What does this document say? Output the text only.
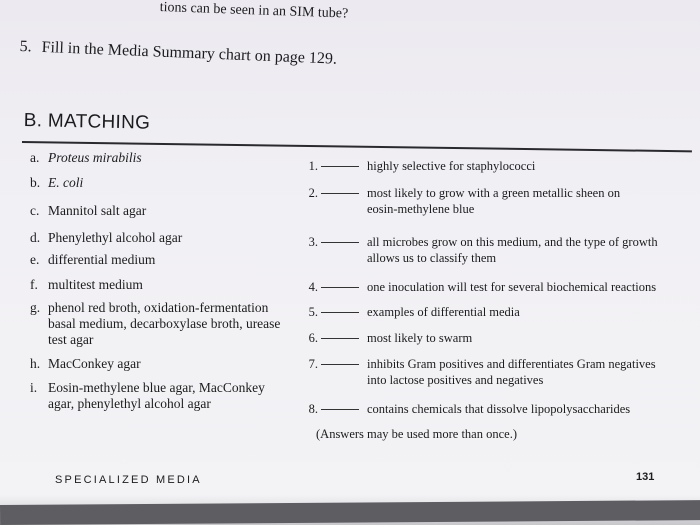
tions can be seen in an SIM tube?
5. Fill in the Media Summary chart on page 129.
B. MATCHING
a. Proteus mirabilis
b. E. coli
c. Mannitol salt agar
d. Phenylethyl alcohol agar
e. differential medium
f. multitest medium
g. phenol red broth, oxidation-fermentation
basal medium, decarboxylase broth, urease
test agar
h. MacConkey agar
i. Eosin-methylene blue agar, MacConkey
agar, phenylethyl alcohol agar
1.	highly selective for staphylococci
2.	most likely to grow with a green metallic sheen on
eosin-methylene blue
3.	all microbes grow on this medium, and the type of growth
allows us to classify them
4.	one inoculation will test for several biochemical reactions
5.	examples of differential media
6.	most likely to swarm
7.	inhibits Gram positives and differentiates Gram negatives
into lactose positives and negatives
8.	contains chemicals that dissolve lipopolysaccharides
(Answers may be used more than once.)
SPECIALIZED MEDIA	131
